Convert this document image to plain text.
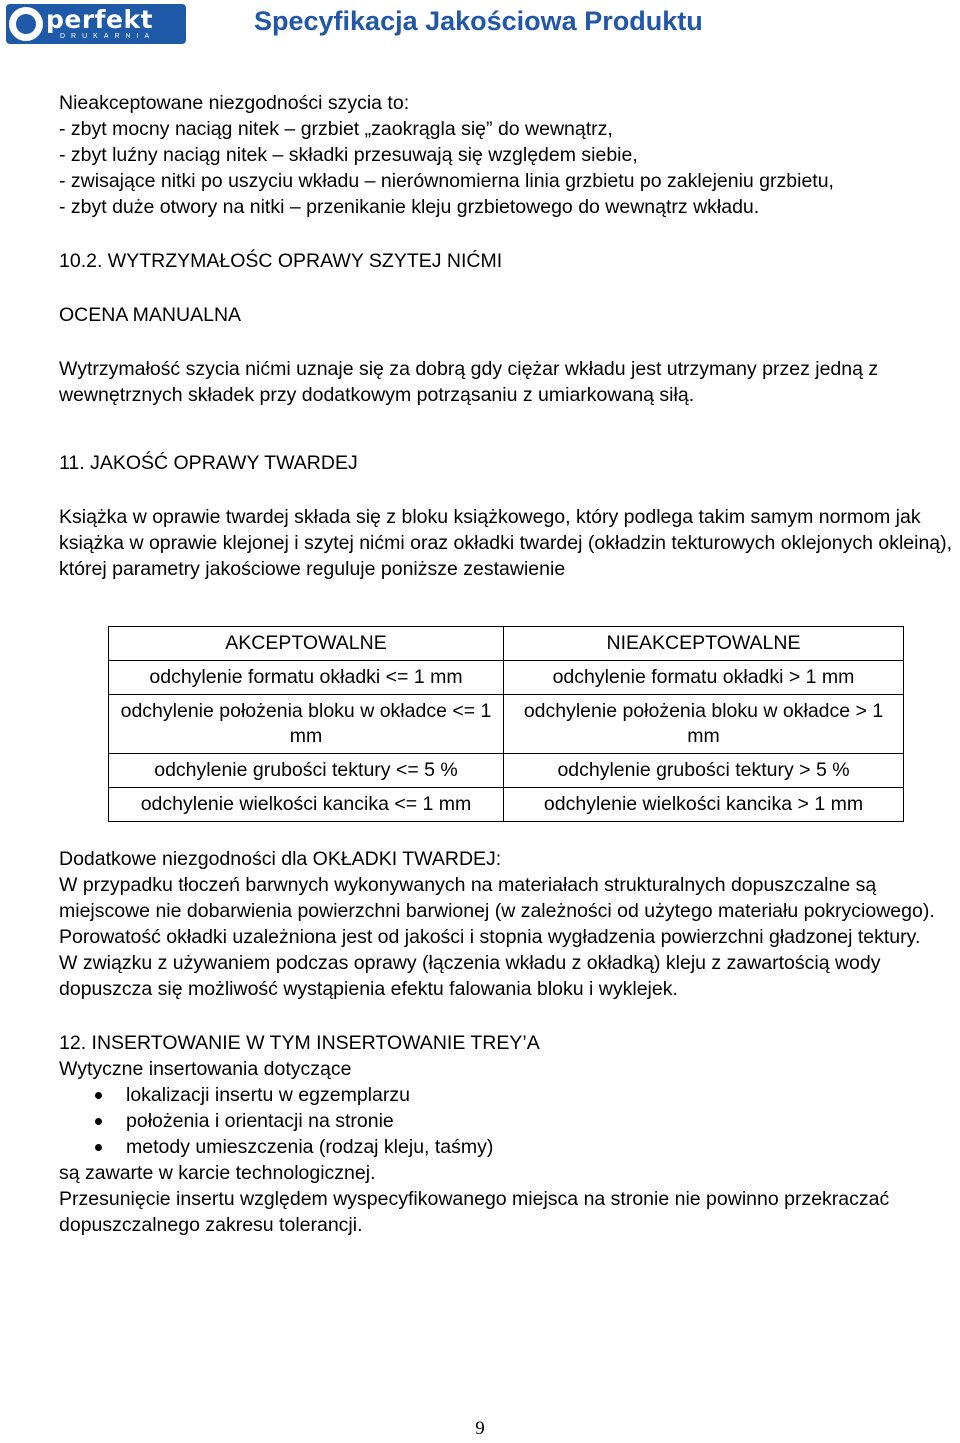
perfekt
DRUKARNIA
Specyfikacja Jakościowa Produktu

Nieakceptowane niezgodności szycia to:

- zbyt mocny naciąg nitek – grzbiet „zaokrągla się” do wewnątrz,

- zbyt luźny naciąg nitek – składki przesuwają się względem siebie,

- zwisające nitki po uszyciu wkładu – nierównomierna linia grzbietu po zaklejeniu grzbietu,

- zbyt duże otwory na nitki – przenikanie kleju grzbietowego do wewnątrz wkładu.

10.2. WYTRZYMAŁOŚC OPRAWY SZYTEJ NIĆMI

OCENA MANUALNA

Wytrzymałość szycia nićmi uznaje się za dobrą gdy ciężar wkładu jest utrzymany przez jedną z wewnętrznych składek przy dodatkowym potrząsaniu z umiarkowaną siłą.

11. JAKOŚĆ OPRAWY TWARDEJ

Książka w oprawie twardej składa się z bloku książkowego, który podlega takim samym normom jak książka w oprawie klejonej i szytej nićmi oraz okładki twardej (okładzin tekturowych oklejonych okleiną), której parametry jakościowe reguluje poniższe zestawienie

AKCEPTOWALNE	NIEAKCEPTOWALNE
odchylenie formatu okładki <= 1 mm	odchylenie formatu okładki > 1 mm
odchylenie położenia bloku w okładce <= 1 mm	odchylenie położenia bloku w okładce > 1 mm
odchylenie grubości tektury <= 5 %	odchylenie grubości tektury > 5 %
odchylenie wielkości kancika <= 1 mm	odchylenie wielkości kancika > 1 mm

Dodatkowe niezgodności dla OKŁADKI TWARDEJ:

W przypadku tłoczeń barwnych wykonywanych na materiałach strukturalnych dopuszczalne są miejscowe nie dobarwienia powierzchni barwionej (w zależności od użytego materiału pokryciowego). Porowatość okładki uzależniona jest od jakości i stopnia wygładzenia powierzchni gładzonej tektury.

W związku z używaniem podczas oprawy (łączenia wkładu z okładką) kleju z zawartością wody dopuszcza się możliwość wystąpienia efektu falowania bloku i wyklejek.

12. INSERTOWANIE W TYM INSERTOWANIE TREY’A

Wytyczne insertowania dotyczące

lokalizacji insertu w egzemplarzu
położenia i orientacji na stronie
metody umieszczenia (rodzaj kleju, taśmy)

są zawarte w karcie technologicznej.

Przesunięcie insertu względem wyspecyfikowanego miejsca na stronie nie powinno przekraczać dopuszczalnego zakresu tolerancji.

9
